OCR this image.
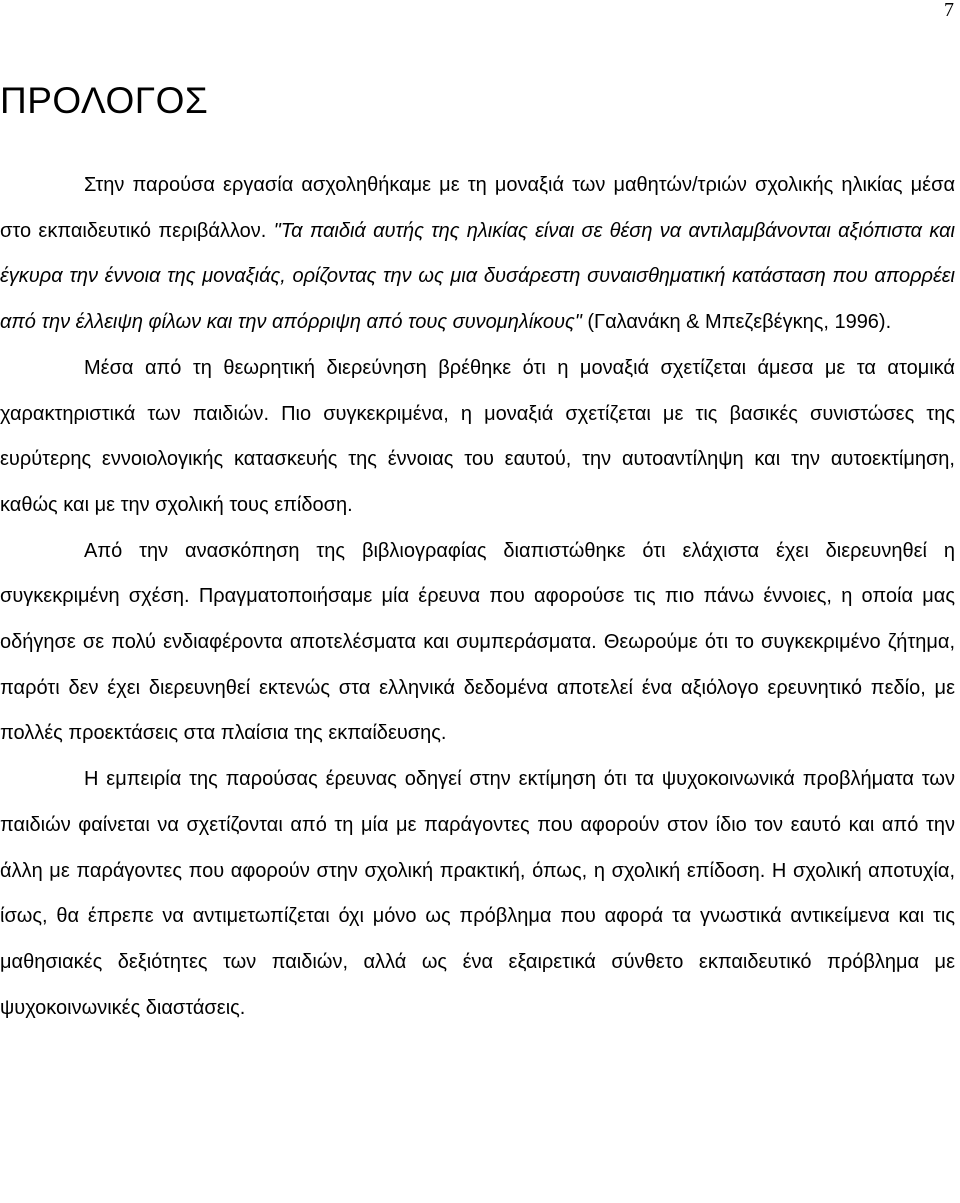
7
ΠΡΟΛΟΓΟΣ

Στην παρούσα εργασία ασχοληθήκαμε με τη μοναξιά των μαθητών/τριών σχολικής ηλικίας μέσα στο εκπαιδευτικό περιβάλλον. "Τα παιδιά αυτής της ηλικίας είναι σε θέση να αντιλαμβάνονται αξιόπιστα και έγκυρα την έννοια της μοναξιάς, ορίζοντας την ως μια δυσάρεστη συναισθηματική κατάσταση που απορρέει από την έλλειψη φίλων και την απόρριψη από τους συνομηλίκους" (Γαλανάκη & Μπεζεβέγκης, 1996).

Μέσα από τη θεωρητική διερεύνηση βρέθηκε ότι η μοναξιά σχετίζεται άμεσα με τα ατομικά χαρακτηριστικά των παιδιών. Πιο συγκεκριμένα, η μοναξιά σχετίζεται με τις βασικές συνιστώσες της ευρύτερης εννοιολογικής κατασκευής της έννοιας του εαυτού, την αυτοαντίληψη και την αυτοεκτίμηση, καθώς και με την σχολική τους επίδοση.

Από την ανασκόπηση της βιβλιογραφίας διαπιστώθηκε ότι ελάχιστα έχει διερευνηθεί η συγκεκριμένη σχέση. Πραγματοποιήσαμε μία έρευνα που αφορούσε τις πιο πάνω έννοιες, η οποία μας οδήγησε σε πολύ ενδιαφέροντα αποτελέσματα και συμπεράσματα. Θεωρούμε ότι το συγκεκριμένο ζήτημα, παρότι δεν έχει διερευνηθεί εκτενώς στα ελληνικά δεδομένα αποτελεί ένα αξιόλογο ερευνητικό πεδίο, με πολλές προεκτάσεις στα πλαίσια της εκπαίδευσης.

Η εμπειρία της παρούσας έρευνας οδηγεί στην εκτίμηση ότι τα ψυχοκοινωνικά προβλήματα των παιδιών φαίνεται να σχετίζονται από τη μία με παράγοντες που αφορούν στον ίδιο τον εαυτό και από την άλλη με παράγοντες που αφορούν στην σχολική πρακτική, όπως, η σχολική επίδοση. Η σχολική αποτυχία, ίσως, θα έπρεπε να αντιμετωπίζεται όχι μόνο ως πρόβλημα που αφορά τα γνωστικά αντικείμενα και τις μαθησιακές δεξιότητες των παιδιών, αλλά ως ένα εξαιρετικά σύνθετο εκπαιδευτικό πρόβλημα με ψυχοκοινωνικές διαστάσεις.
